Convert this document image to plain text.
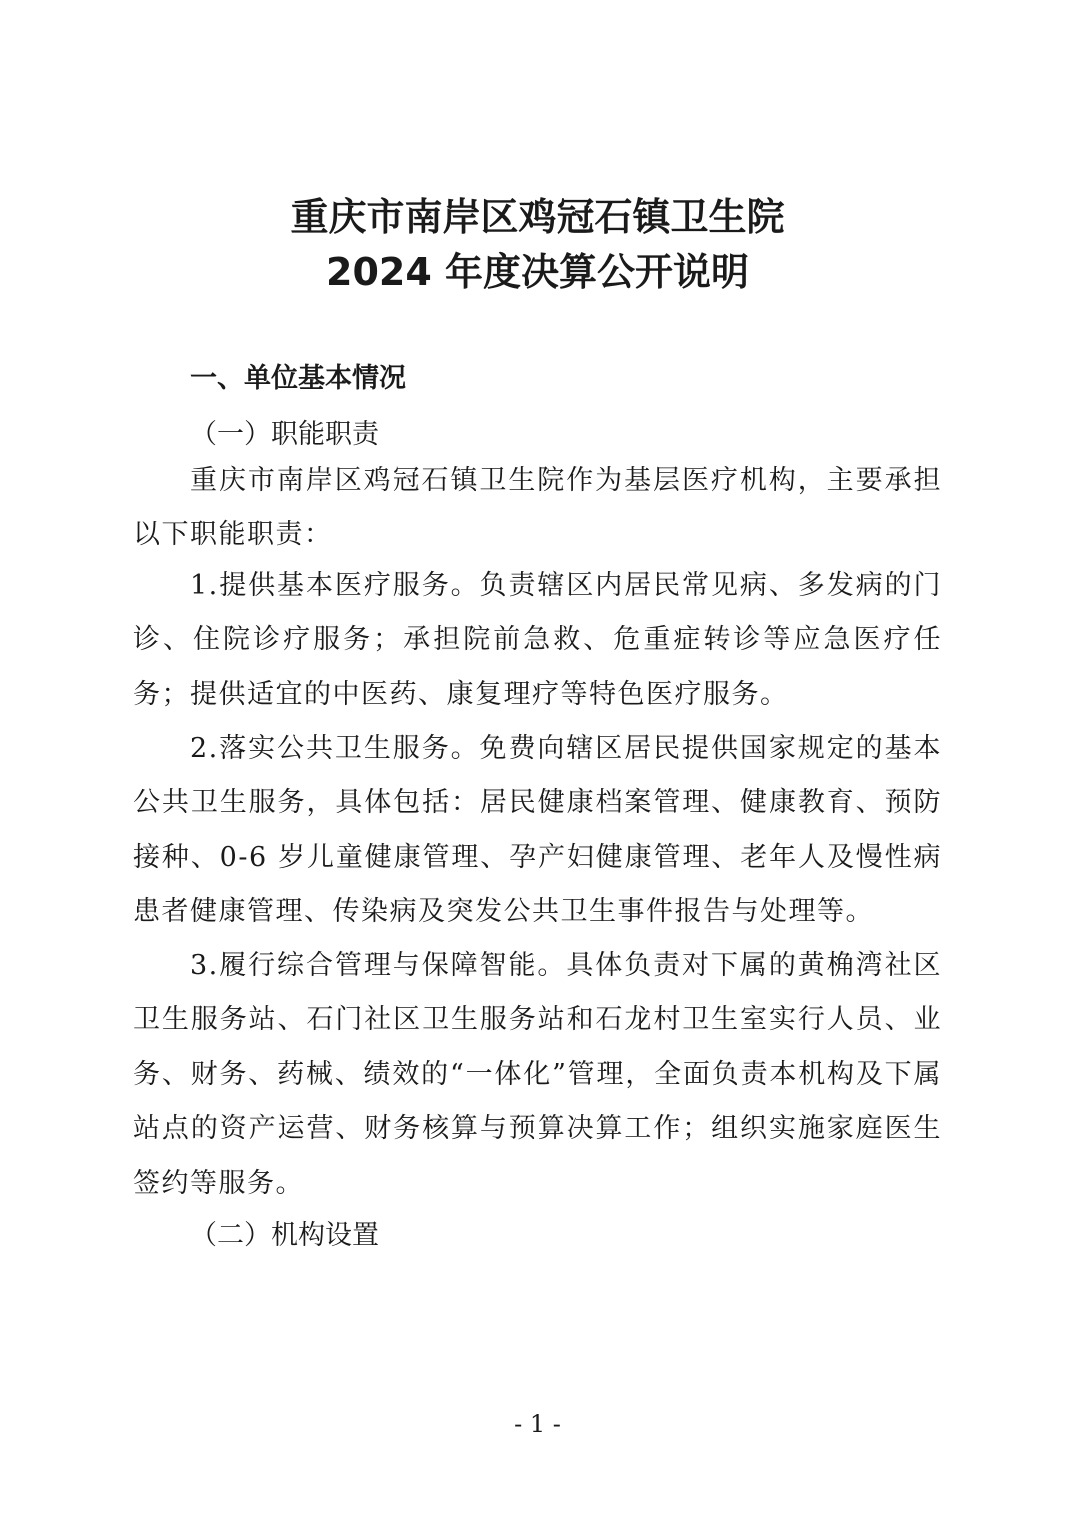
重庆市南岸区鸡冠石镇卫生院
2024 年度决算公开说明
一、单位基本情况
（一）职能职责
重庆市南岸区鸡冠石镇卫生院作为基层医疗机构，主要承担以下职能职责：
1.提供基本医疗服务。负责辖区内居民常见病、多发病的门诊、住院诊疗服务；承担院前急救、危重症转诊等应急医疗任务；提供适宜的中医药、康复理疗等特色医疗服务。
2.落实公共卫生服务。免费向辖区居民提供国家规定的基本公共卫生服务，具体包括：居民健康档案管理、健康教育、预防接种、0-6 岁儿童健康管理、孕产妇健康管理、老年人及慢性病患者健康管理、传染病及突发公共卫生事件报告与处理等。
3.履行综合管理与保障智能。具体负责对下属的黄桷湾社区卫生服务站、石门社区卫生服务站和石龙村卫生室实行人员、业务、财务、药械、绩效的“一体化”管理，全面负责本机构及下属站点的资产运营、财务核算与预算决算工作；组织实施家庭医生签约等服务。
（二）机构设置
- 1 -
